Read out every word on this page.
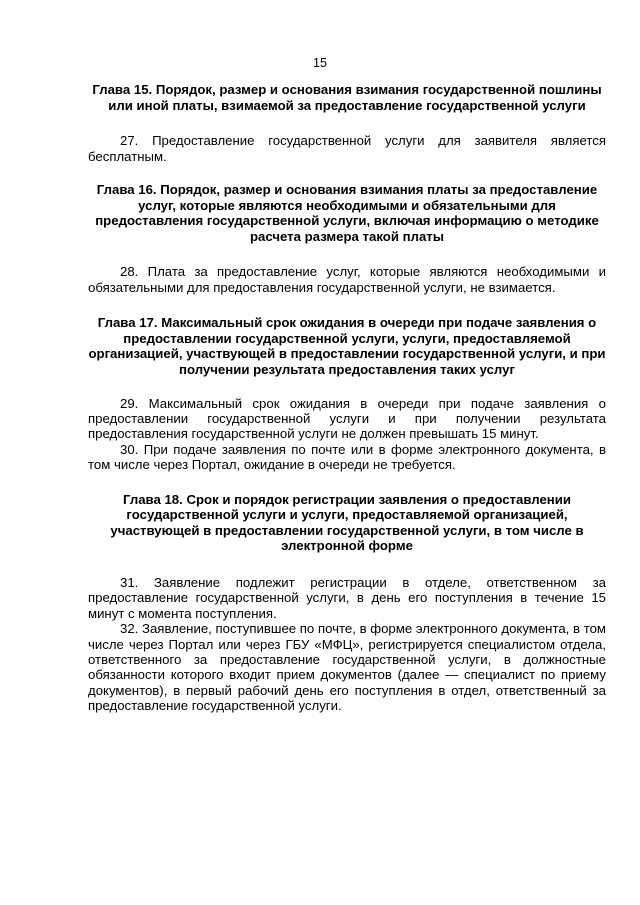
15

Глава 15. Порядок, размер и основания взимания государственной пошлины или иной платы, взимаемой за предоставление государственной услуги

27. Предоставление государственной услуги для заявителя является бесплатным.

Глава 16. Порядок, размер и основания взимания платы за предоставление услуг, которые являются необходимыми и обязательными для предоставления государственной услуги, включая информацию о методике расчета размера такой платы

28. Плата за предоставление услуг, которые являются необходимыми и обязательными для предоставления государственной услуги, не взимается.

Глава 17. Максимальный срок ожидания в очереди при подаче заявления о предоставлении государственной услуги, услуги, предоставляемой организацией, участвующей в предоставлении государственной услуги, и при получении результата предоставления таких услуг

29. Максимальный срок ожидания в очереди при подаче заявления о предоставлении государственной услуги и при получении результата предоставления государственной услуги не должен превышать 15 минут.

30. При подаче заявления по почте или в форме электронного документа, в том числе через Портал, ожидание в очереди не требуется.

Глава 18. Срок и порядок регистрации заявления о предоставлении государственной услуги и услуги, предоставляемой организацией, участвующей в предоставлении государственной услуги, в том числе в электронной форме

31. Заявление подлежит регистрации в отделе, ответственном за предоставление государственной услуги, в день его поступления в течение 15 минут с момента поступления.

32. Заявление, поступившее по почте, в форме электронного документа, в том числе через Портал или через ГБУ «МФЦ», регистрируется специалистом отдела, ответственного за предоставление государственной услуги, в должностные обязанности которого входит прием документов (далее — специалист по приему документов), в первый рабочий день его поступления в отдел, ответственный за предоставление государственной услуги.
